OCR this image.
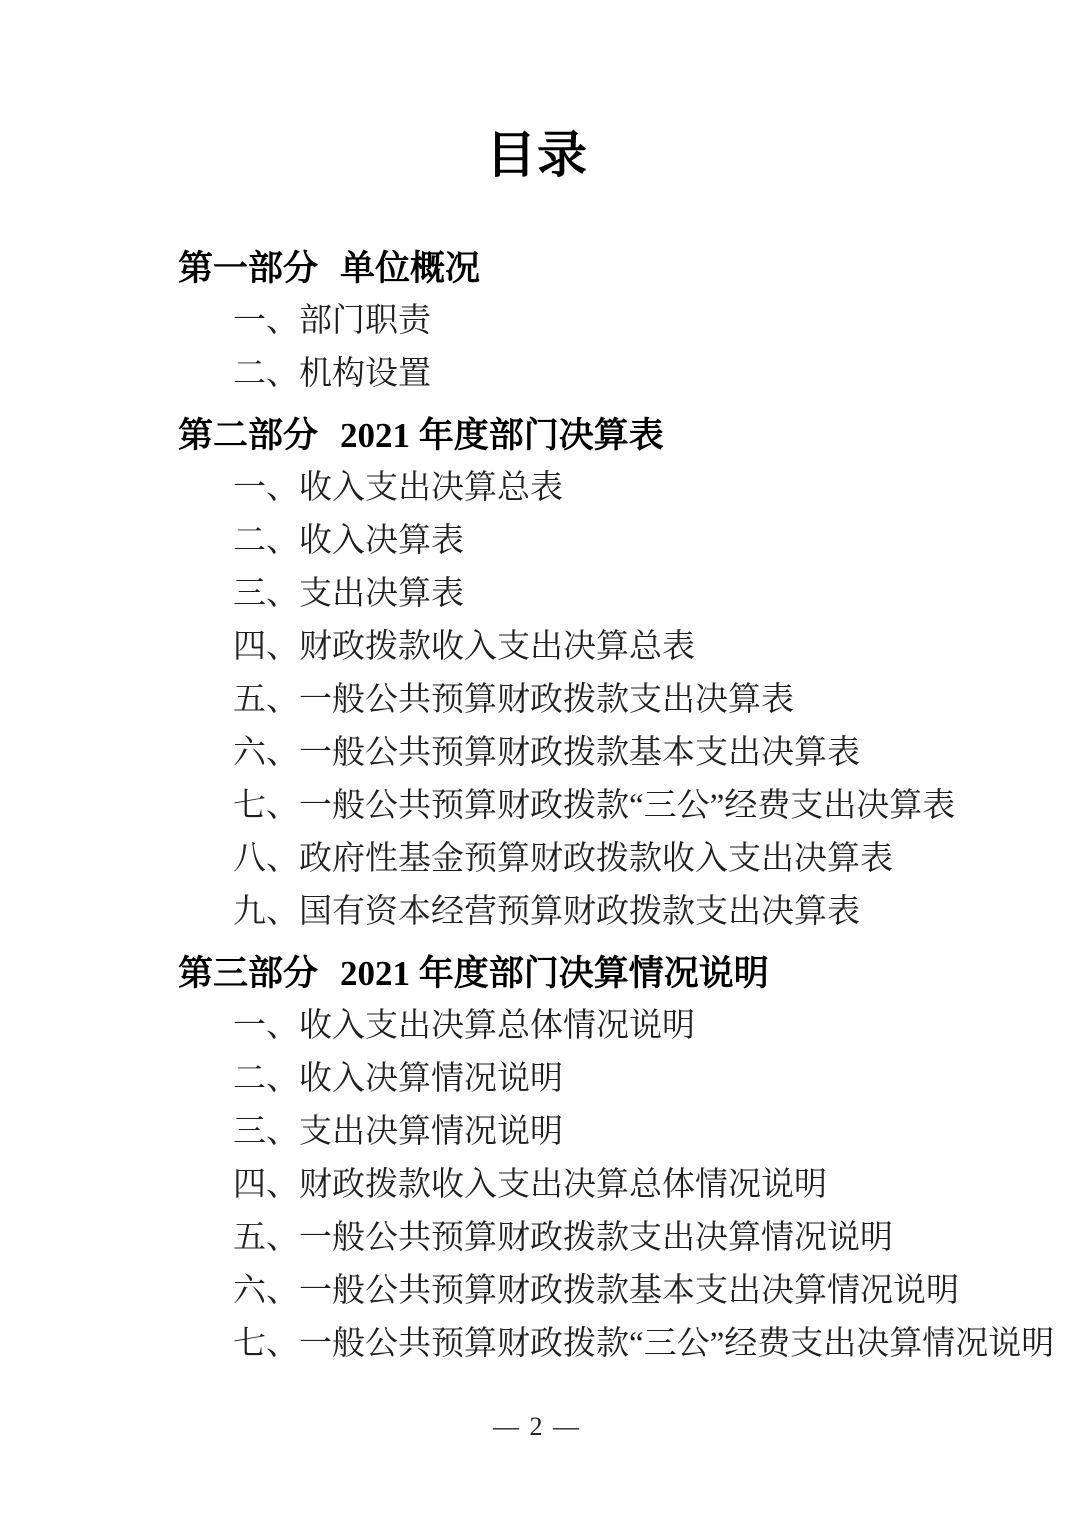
目录
第一部分 单位概况
一、部门职责
二、机构设置
第二部分 2021 年度部门决算表
一、收入支出决算总表
二、收入决算表
三、支出决算表
四、财政拨款收入支出决算总表
五、一般公共预算财政拨款支出决算表
六、一般公共预算财政拨款基本支出决算表
七、一般公共预算财政拨款“三公”经费支出决算表
八、政府性基金预算财政拨款收入支出决算表
九、国有资本经营预算财政拨款支出决算表
第三部分 2021 年度部门决算情况说明
一、收入支出决算总体情况说明
二、收入决算情况说明
三、支出决算情况说明
四、财政拨款收入支出决算总体情况说明
五、一般公共预算财政拨款支出决算情况说明
六、一般公共预算财政拨款基本支出决算情况说明
七、一般公共预算财政拨款“三公”经费支出决算情况说明
— 2 —
